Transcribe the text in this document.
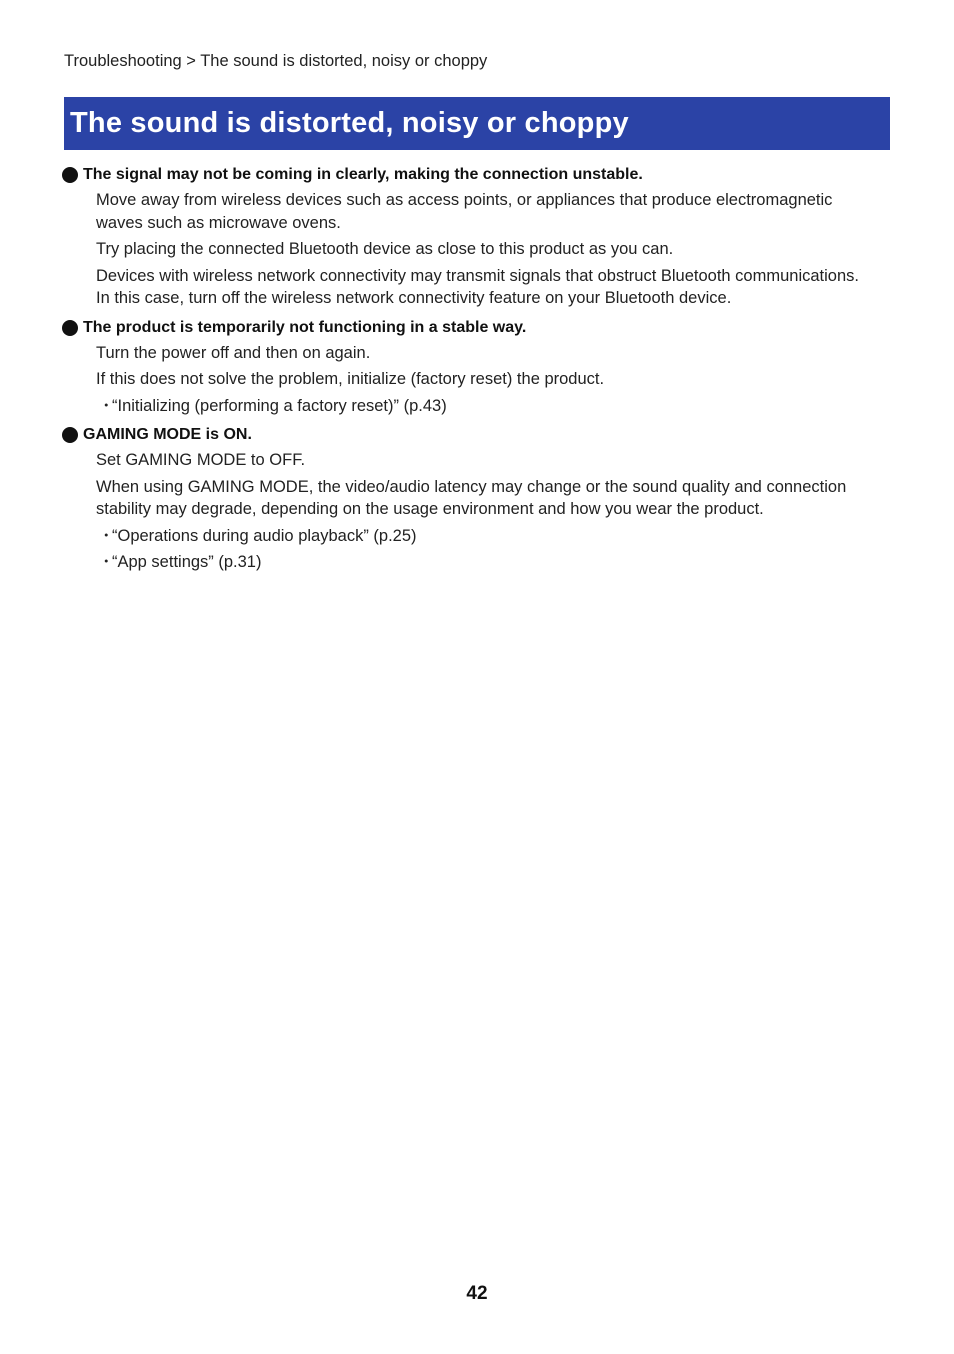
Troubleshooting > The sound is distorted, noisy or choppy
The sound is distorted, noisy or choppy
The signal may not be coming in clearly, making the connection unstable.

Move away from wireless devices such as access points, or appliances that produce electromagnetic waves such as microwave ovens.

Try placing the connected Bluetooth device as close to this product as you can.

Devices with wireless network connectivity may transmit signals that obstruct Bluetooth communications. In this case, turn off the wireless network connectivity feature on your Bluetooth device.

The product is temporarily not functioning in a stable way.

Turn the power off and then on again.

If this does not solve the problem, initialize (factory reset) the product.

・
“Initializing (performing a factory reset)” (p.43)
GAMING MODE is ON.

Set GAMING MODE to OFF.

When using GAMING MODE, the video/audio latency may change or the sound quality and connection stability may degrade, depending on the usage environment and how you wear the product.

・
“Operations during audio playback” (p.25)
・
“App settings” (p.31)
42
